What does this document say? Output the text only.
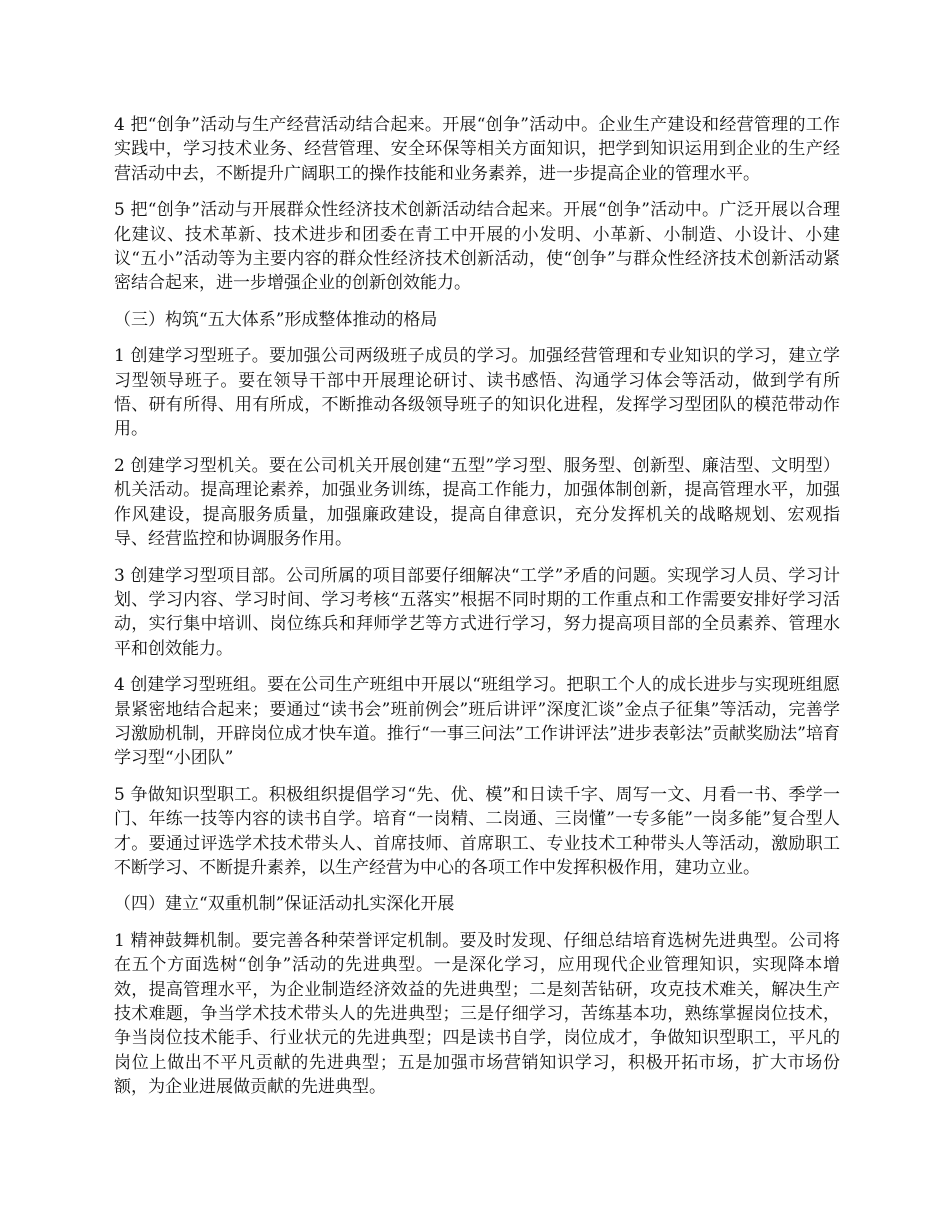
4 把“创争”活动与生产经营活动结合起来。开展“创争”活动中。企业生产建设和经营管理的工作实践中，学习技术业务、经营管理、安全环保等相关方面知识，把学到知识运用到企业的生产经营活动中去，不断提升广阔职工的操作技能和业务素养，进一步提高企业的管理水平。

5 把“创争”活动与开展群众性经济技术创新活动结合起来。开展“创争”活动中。广泛开展以合理化建议、技术革新、技术进步和团委在青工中开展的小发明、小革新、小制造、小设计、小建议“五小”活动等为主要内容的群众性经济技术创新活动，使“创争”与群众性经济技术创新活动紧密结合起来，进一步增强企业的创新创效能力。

（三）构筑“五大体系”形成整体推动的格局

1 创建学习型班子。要加强公司两级班子成员的学习。加强经营管理和专业知识的学习，建立学习型领导班子。要在领导干部中开展理论研讨、读书感悟、沟通学习体会等活动，做到学有所悟、研有所得、用有所成，不断推动各级领导班子的知识化进程，发挥学习型团队的模范带动作用。

2 创建学习型机关。要在公司机关开展创建“五型”学习型、服务型、创新型、廉洁型、文明型）机关活动。提高理论素养，加强业务训练，提高工作能力，加强体制创新，提高管理水平，加强作风建设，提高服务质量，加强廉政建设，提高自律意识，充分发挥机关的战略规划、宏观指导、经营监控和协调服务作用。

3 创建学习型项目部。公司所属的项目部要仔细解决“工学”矛盾的问题。实现学习人员、学习计划、学习内容、学习时间、学习考核“五落实”根据不同时期的工作重点和工作需要安排好学习活动，实行集中培训、岗位练兵和拜师学艺等方式进行学习，努力提高项目部的全员素养、管理水平和创效能力。

4 创建学习型班组。要在公司生产班组中开展以“班组学习。把职工个人的成长进步与实现班组愿景紧密地结合起来；要通过“读书会”班前例会”班后讲评”深度汇谈”金点子征集”等活动，完善学习激励机制，开辟岗位成才快车道。推行“一事三问法”工作讲评法”进步表彰法”贡献奖励法”培育学习型“小团队”

5 争做知识型职工。积极组织提倡学习“先、优、模”和日读千字、周写一文、月看一书、季学一门、年练一技等内容的读书自学。培育“一岗精、二岗通、三岗懂”一专多能”一岗多能”复合型人才。要通过评选学术技术带头人、首席技师、首席职工、专业技术工种带头人等活动，激励职工不断学习、不断提升素养，以生产经营为中心的各项工作中发挥积极作用，建功立业。

（四）建立“双重机制”保证活动扎实深化开展

1 精神鼓舞机制。要完善各种荣誉评定机制。要及时发现、仔细总结培育选树先进典型。公司将在五个方面选树“创争”活动的先进典型。一是深化学习，应用现代企业管理知识，实现降本增效，提高管理水平，为企业制造经济效益的先进典型；二是刻苦钻研，攻克技术难关，解决生产技术难题，争当学术技术带头人的先进典型；三是仔细学习，苦练基本功，熟练掌握岗位技术，争当岗位技术能手、行业状元的先进典型；四是读书自学，岗位成才，争做知识型职工，平凡的岗位上做出不平凡贡献的先进典型；五是加强市场营销知识学习，积极开拓市场，扩大市场份额，为企业进展做贡献的先进典型。
